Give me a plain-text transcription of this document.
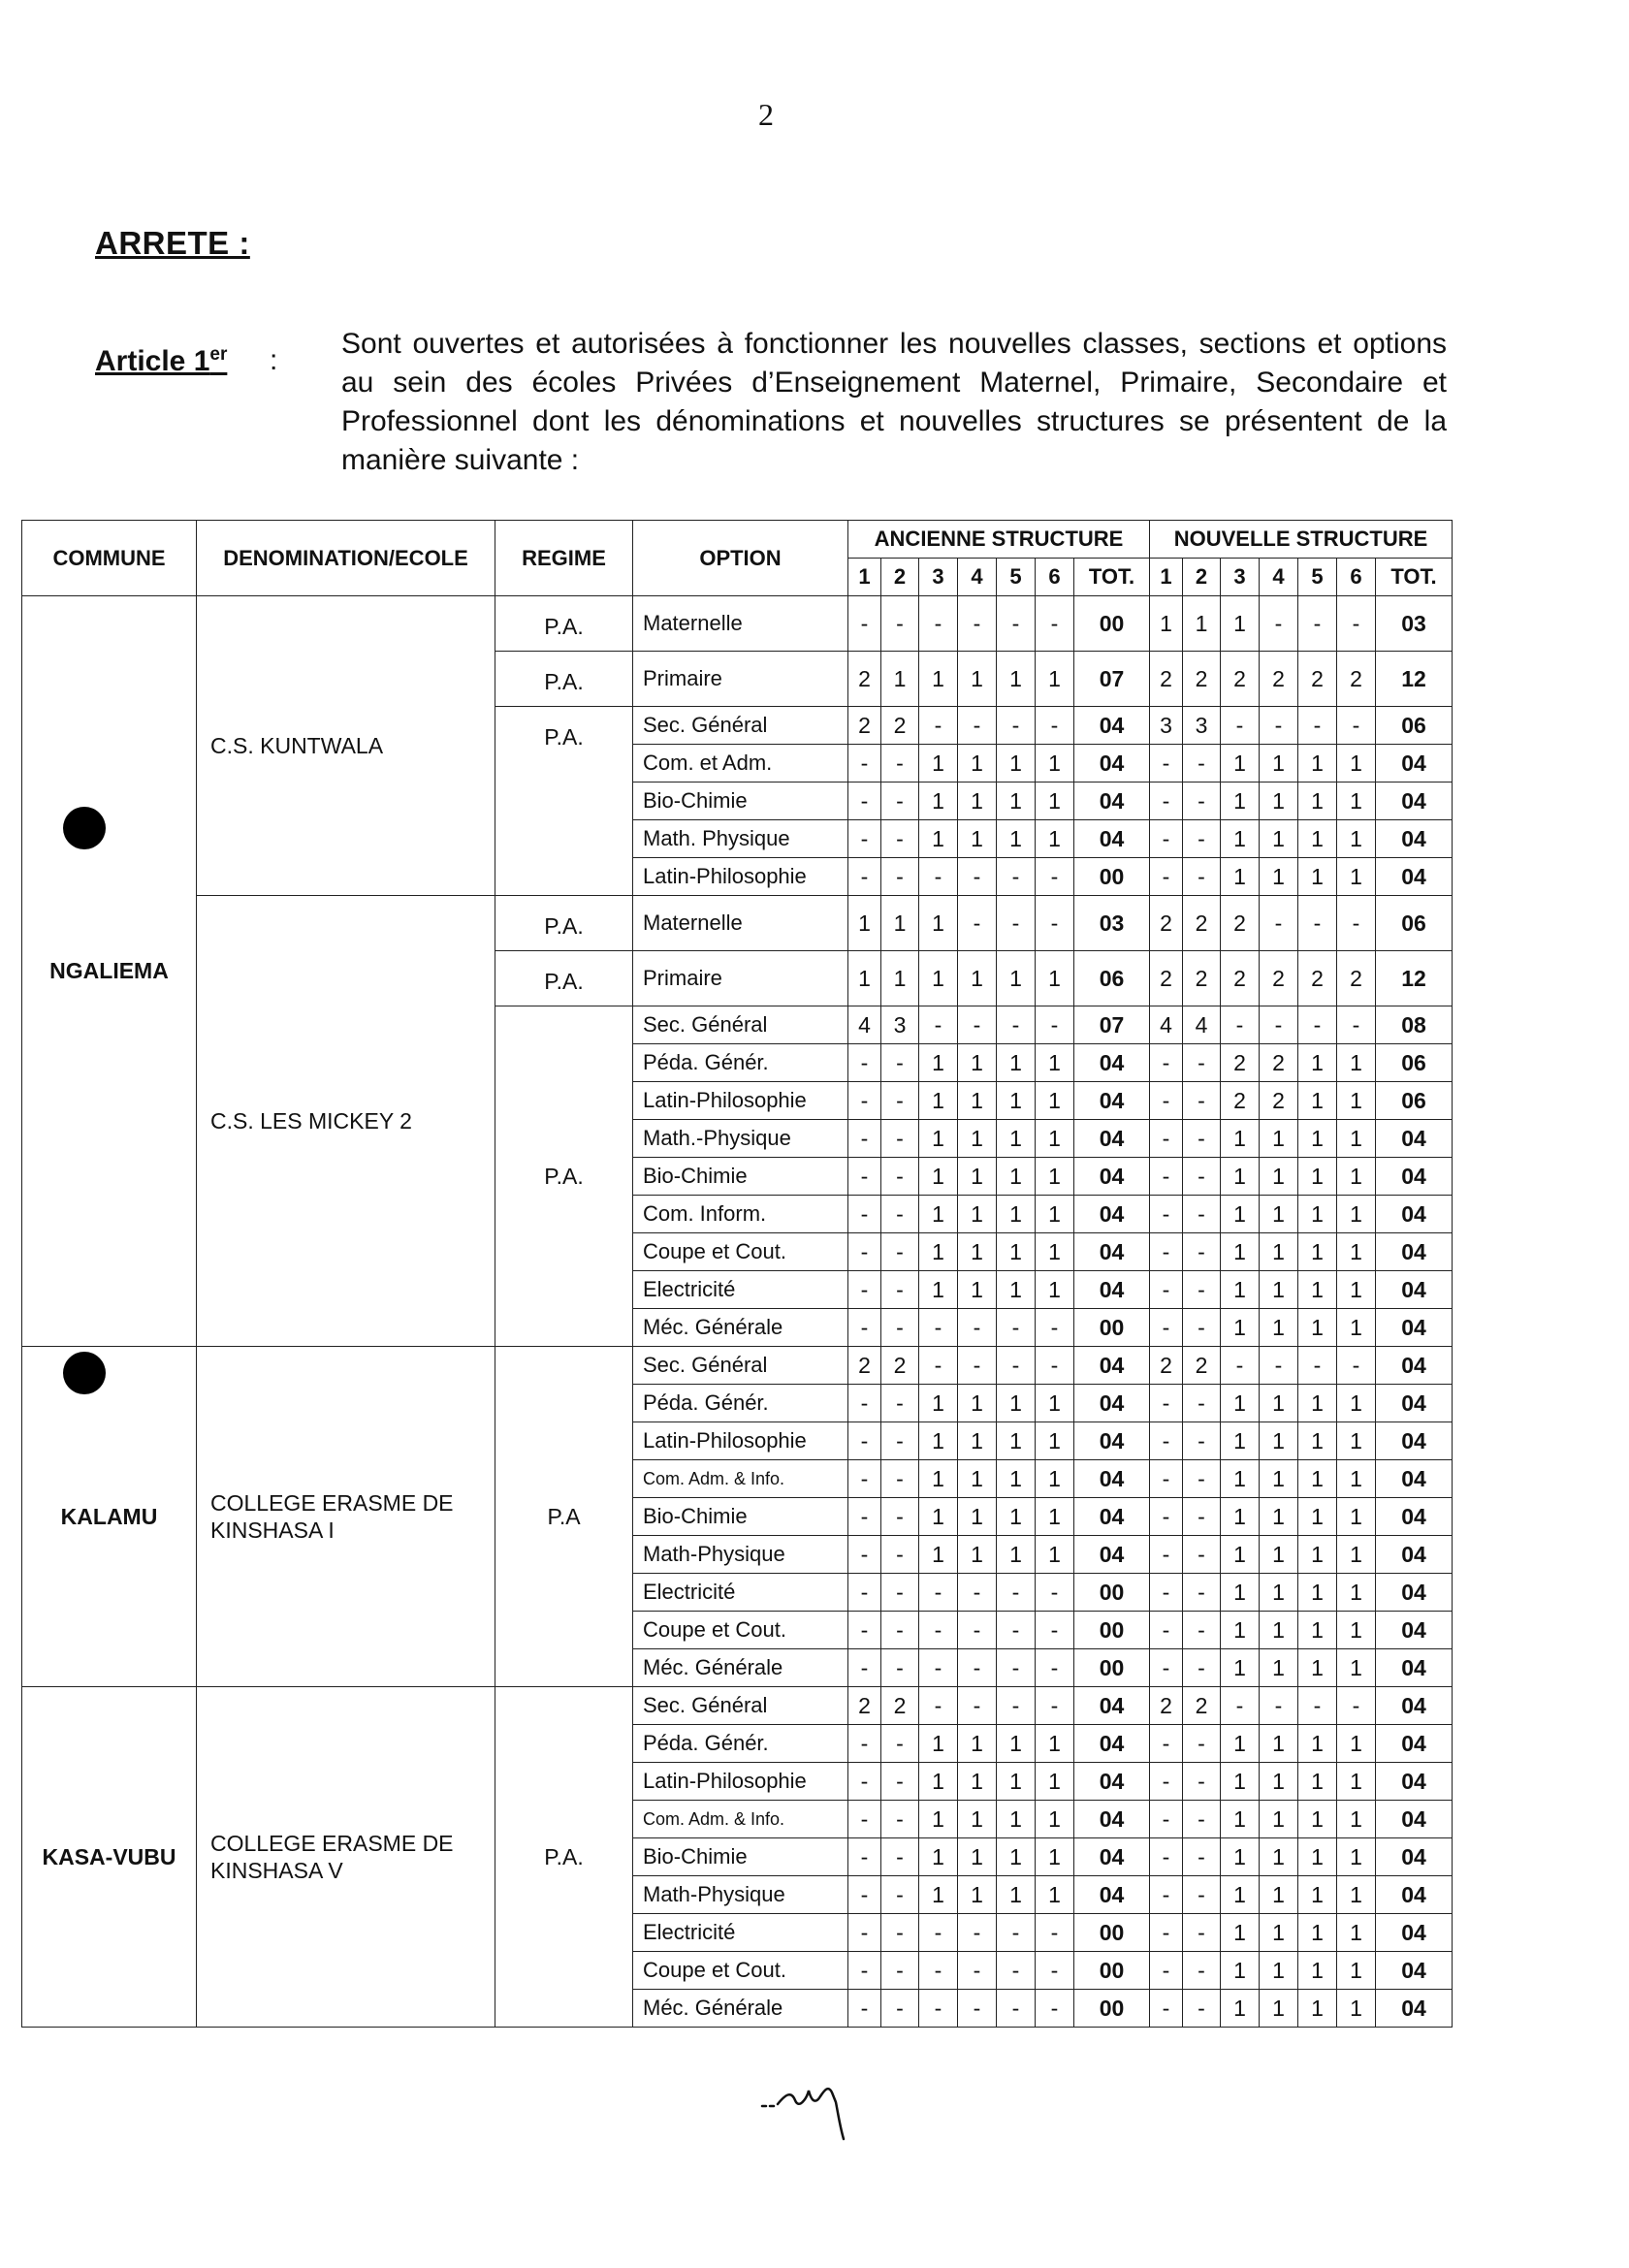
2
ARRETE :
Article 1er :
Sont ouvertes et autorisées à fonctionner les nouvelles classes, sections et options au sein des écoles Privées d’Enseignement Maternel, Primaire, Secondaire et Professionnel dont les dénominations et nouvelles structures se présentent de la manière suivante :
COMMUNE	DENOMINATION/ECOLE	REGIME	OPTION	ANCIENNE STRUCTURE							NOUVELLE STRUCTURE						
				1	2	3	4	5	6	TOT.	1	2	3	4	5	6	TOT.
NGALIEMA	C.S. KUNTWALA	P.A.	Maternelle	-	-	-	-	-	-	00	1	1	1	-	-	-	03
		P.A.	Primaire	2	1	1	1	1	1	07	2	2	2	2	2	2	12
		P.A.	Sec. Général	2	2	-	-	-	-	04	3	3	-	-	-	-	06
			Com. et Adm.	-	-	1	1	1	1	04	-	-	1	1	1	1	04
			Bio-Chimie	-	-	1	1	1	1	04	-	-	1	1	1	1	04
			Math. Physique	-	-	1	1	1	1	04	-	-	1	1	1	1	04
			Latin-Philosophie	-	-	-	-	-	-	00	-	-	1	1	1	1	04
	C.S. LES MICKEY 2	P.A.	Maternelle	1	1	1	-	-	-	03	2	2	2	-	-	-	06
		P.A.	Primaire	1	1	1	1	1	1	06	2	2	2	2	2	2	12
		P.A.	Sec. Général	4	3	-	-	-	-	07	4	4	-	-	-	-	08
			Péda. Génér.	-	-	1	1	1	1	04	-	-	2	2	1	1	06
			Latin-Philosophie	-	-	1	1	1	1	04	-	-	2	2	1	1	06
			Math.-Physique	-	-	1	1	1	1	04	-	-	1	1	1	1	04
			Bio-Chimie	-	-	1	1	1	1	04	-	-	1	1	1	1	04
			Com. Inform.	-	-	1	1	1	1	04	-	-	1	1	1	1	04
			Coupe et Cout.	-	-	1	1	1	1	04	-	-	1	1	1	1	04
			Electricité	-	-	1	1	1	1	04	-	-	1	1	1	1	04
			Méc. Générale	-	-	-	-	-	-	00	-	-	1	1	1	1	04
KALAMU	COLLEGE ERASME DE KINSHASA I	P.A	Sec. Général	2	2	-	-	-	-	04	2	2	-	-	-	-	04
			Péda. Génér.	-	-	1	1	1	1	04	-	-	1	1	1	1	04
			Latin-Philosophie	-	-	1	1	1	1	04	-	-	1	1	1	1	04
			Com. Adm. & Info.	-	-	1	1	1	1	04	-	-	1	1	1	1	04
			Bio-Chimie	-	-	1	1	1	1	04	-	-	1	1	1	1	04
			Math-Physique	-	-	1	1	1	1	04	-	-	1	1	1	1	04
			Electricité	-	-	-	-	-	-	00	-	-	1	1	1	1	04
			Coupe et Cout.	-	-	-	-	-	-	00	-	-	1	1	1	1	04
			Méc. Générale	-	-	-	-	-	-	00	-	-	1	1	1	1	04
KASA-VUBU	COLLEGE ERASME DE KINSHASA V	P.A.	Sec. Général	2	2	-	-	-	-	04	2	2	-	-	-	-	04
			Péda. Génér.	-	-	1	1	1	1	04	-	-	1	1	1	1	04
			Latin-Philosophie	-	-	1	1	1	1	04	-	-	1	1	1	1	04
			Com. Adm. & Info.	-	-	1	1	1	1	04	-	-	1	1	1	1	04
			Bio-Chimie	-	-	1	1	1	1	04	-	-	1	1	1	1	04
			Math-Physique	-	-	1	1	1	1	04	-	-	1	1	1	1	04
			Electricité	-	-	-	-	-	-	00	-	-	1	1	1	1	04
			Coupe et Cout.	-	-	-	-	-	-	00	-	-	1	1	1	1	04
			Méc. Générale	-	-	-	-	-	-	00	-	-	1	1	1	1	04
